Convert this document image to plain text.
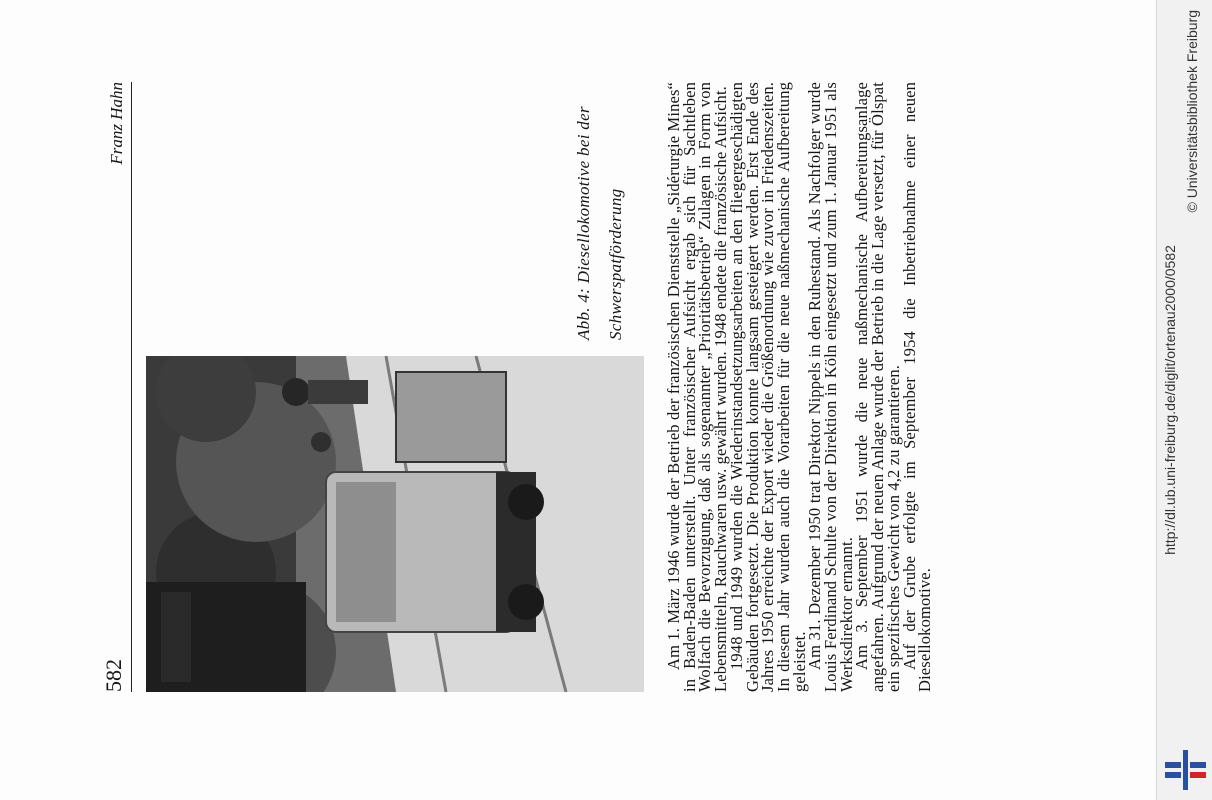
582
Franz Hahn	Abb. 4: Diesellokomotive bei der Schwerspatförderung	Am 1. März 1946 wurde der Betrieb der französischen Dienststelle „Sidérurgie Mines“ in Baden-Baden unterstellt. Unter französischer Aufsicht ergab sich für Sachtleben Wolfach die Bevorzugung, daß als sogenannter „Prioritätsbetrieb“ Zulagen in Form von Lebensmitteln, Rauchwaren usw. gewährt wurden. 1948 endete die französische Aufsicht.

1948 und 1949 wurden die Wiederinstandsetzungsarbeiten an den fliegergeschädigten Gebäuden fortgesetzt. Die Produktion konnte langsam gesteigert werden. Erst Ende des Jahres 1950 erreichte der Export wieder die Größenordnung wie zuvor in Friedenszeiten. In diesem Jahr wurden auch die Vorarbeiten für die neue naßmechanische Aufbereitung geleistet.

Am 31. Dezember 1950 trat Direktor Nippels in den Ruhestand. Als Nachfolger wurde Louis Ferdinand Schulte von der Direktion in Köln eingesetzt und zum 1. Januar 1951 als Werksdirektor ernannt.

Am 3. September 1951 wurde die neue naßmechanische Aufbereitungsanlage angefahren. Aufgrund der neuen Anlage wurde der Betrieb in die Lage versetzt, für Ölspat ein spezifisches Gewicht von 4,2 zu garantieren.

Auf der Grube erfolgte im September 1954 die Inbetriebnahme einer neuen Diesellokomotive.

http://dl.ub.uni-freiburg.de/diglit/ortenau2000/0582
© Universitätsbibliothek Freiburg
